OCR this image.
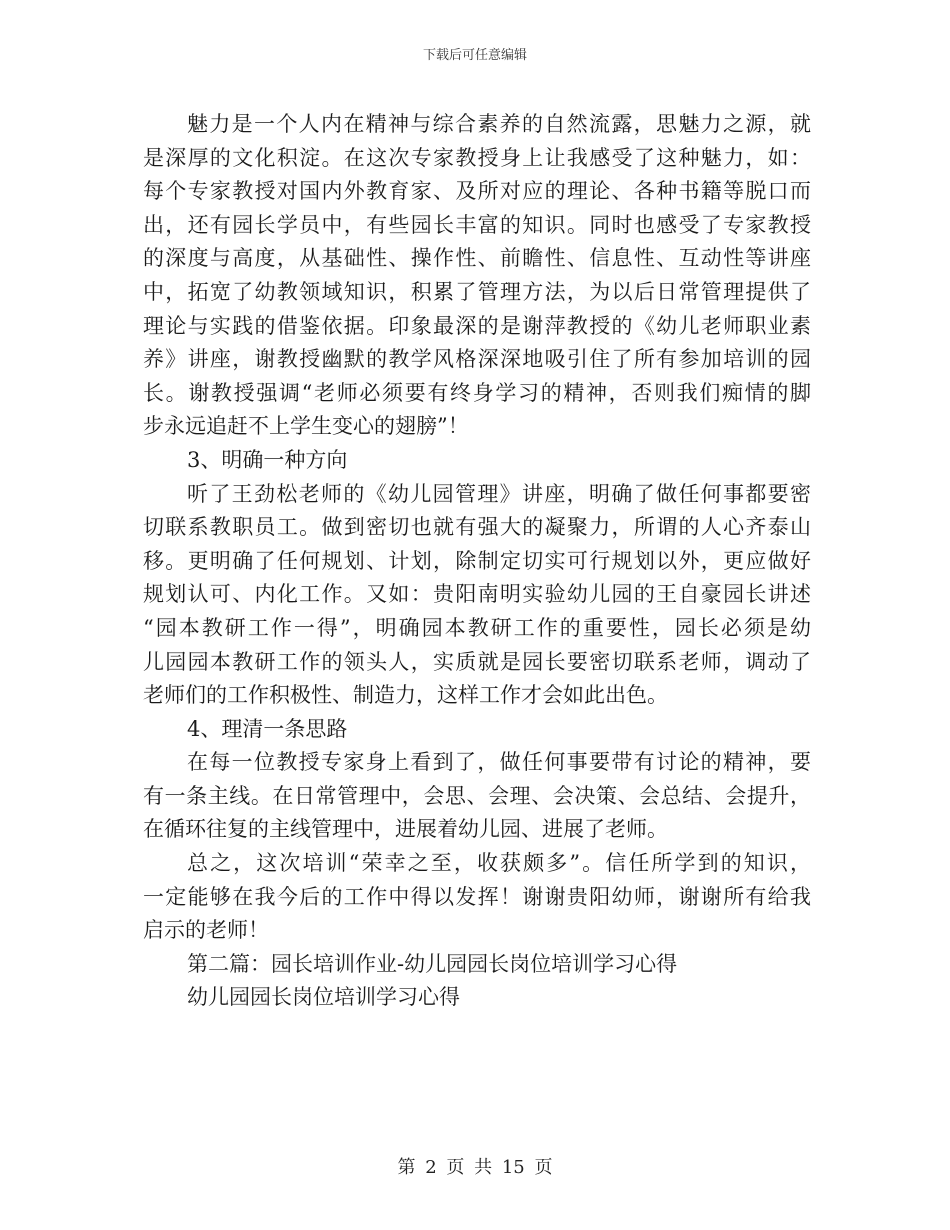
下载后可任意编辑
魅力是一个人内在精神与综合素养的自然流露，思魅力之源，就
是深厚的文化积淀。在这次专家教授身上让我感受了这种魅力，如：
每个专家教授对国内外教育家、及所对应的理论、各种书籍等脱口而
出，还有园长学员中，有些园长丰富的知识。同时也感受了专家教授
的深度与高度，从基础性、操作性、前瞻性、信息性、互动性等讲座
中，拓宽了幼教领域知识，积累了管理方法，为以后日常管理提供了
理论与实践的借鉴依据。印象最深的是谢萍教授的《幼儿老师职业素
养》讲座，谢教授幽默的教学风格深深地吸引住了所有参加培训的园
长。谢教授强调“老师必须要有终身学习的精神，否则我们痴情的脚
步永远追赶不上学生变心的翅膀”！
3、明确一种方向
听了王劲松老师的《幼儿园管理》讲座，明确了做任何事都要密
切联系教职员工。做到密切也就有强大的凝聚力，所谓的人心齐泰山
移。更明确了任何规划、计划，除制定切实可行规划以外，更应做好
规划认可、内化工作。又如：贵阳南明实验幼儿园的王自豪园长讲述
“园本教研工作一得”，明确园本教研工作的重要性，园长必须是幼
儿园园本教研工作的领头人，实质就是园长要密切联系老师，调动了
老师们的工作积极性、制造力，这样工作才会如此出色。
4、理清一条思路
在每一位教授专家身上看到了，做任何事要带有讨论的精神，要
有一条主线。在日常管理中，会思、会理、会决策、会总结、会提升，
在循环往复的主线管理中，进展着幼儿园、进展了老师。
总之，这次培训“荣幸之至，收获颇多”。信任所学到的知识，
一定能够在我今后的工作中得以发挥！谢谢贵阳幼师，谢谢所有给我
启示的老师！
第二篇：园长培训作业-幼儿园园长岗位培训学习心得
幼儿园园长岗位培训学习心得
第 2 页 共 15 页
